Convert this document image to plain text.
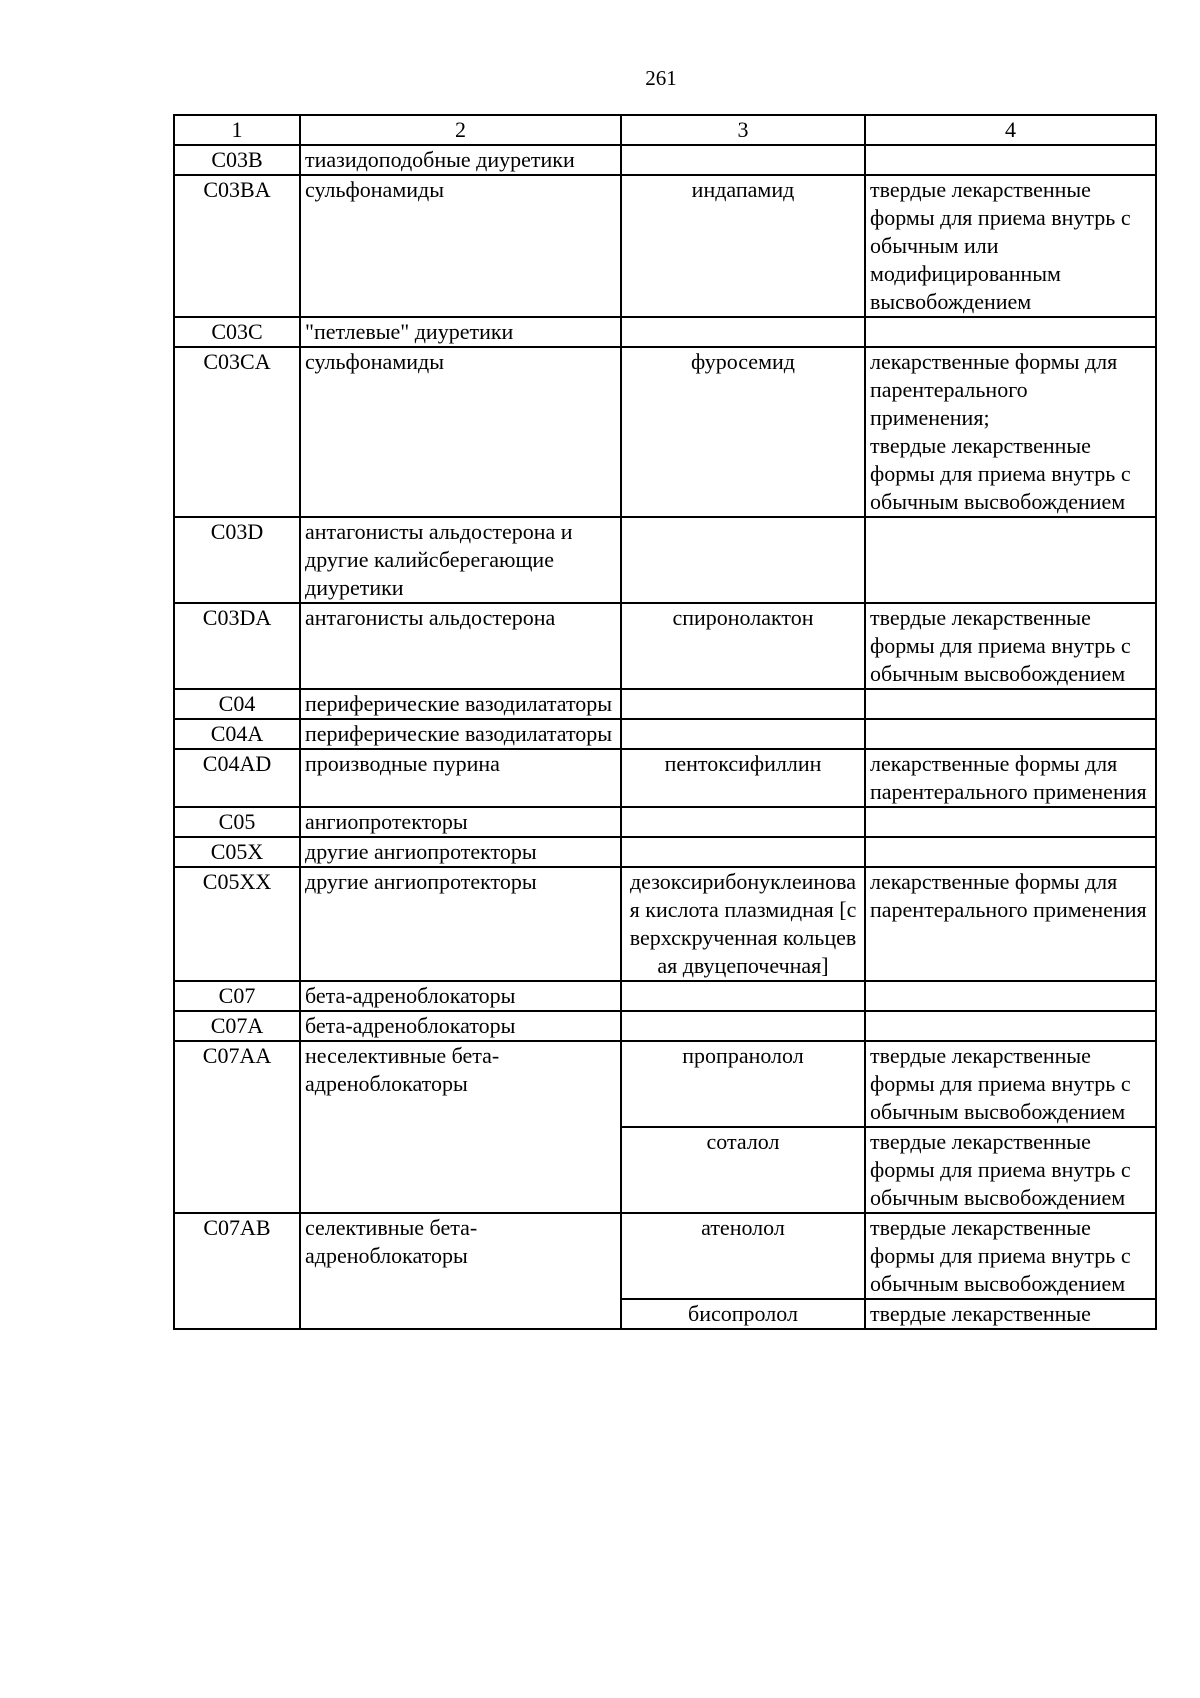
261
1	2	3	4
C03B	тиазидоподобные диуретики		
C03BA	сульфонамиды	индапамид	твердые лекарственные формы для приема внутрь с обычным или модифицированным высвобождением
C03C	"петлевые" диуретики		
C03CA	сульфонамиды	фуросемид	лекарственные формы для парентерального применения;
твердые лекарственные формы для приема внутрь с обычным высвобождением

C03D	антагонисты альдостерона и другие калийсберегающие диуретики		
C03DA	антагонисты альдостерона	спиронолактон	твердые лекарственные формы для приема внутрь с обычным высвобождением
C04	периферические вазодилататоры		
C04A	периферические вазодилататоры		
C04AD	производные пурина	пентоксифиллин	лекарственные формы для парентерального применения
C05	ангиопротекторы		
C05X	другие ангиопротекторы		
C05XX	другие ангиопротекторы	дезоксирибонуклеиновая кислота плазмидная [сверхскрученная кольцевая двуцепочечная]	лекарственные формы для парентерального применения
C07	бета-адреноблокаторы		
C07A	бета-адреноблокаторы		
C07AA	неселективные бета-адреноблокаторы	пропранолол	твердые лекарственные формы для приема внутрь с обычным высвобождением
		соталол	твердые лекарственные формы для приема внутрь с обычным высвобождением
C07AB	селективные бета-адреноблокаторы	атенолол	твердые лекарственные формы для приема внутрь с обычным высвобождением
		бисопролол	твердые лекарственные
